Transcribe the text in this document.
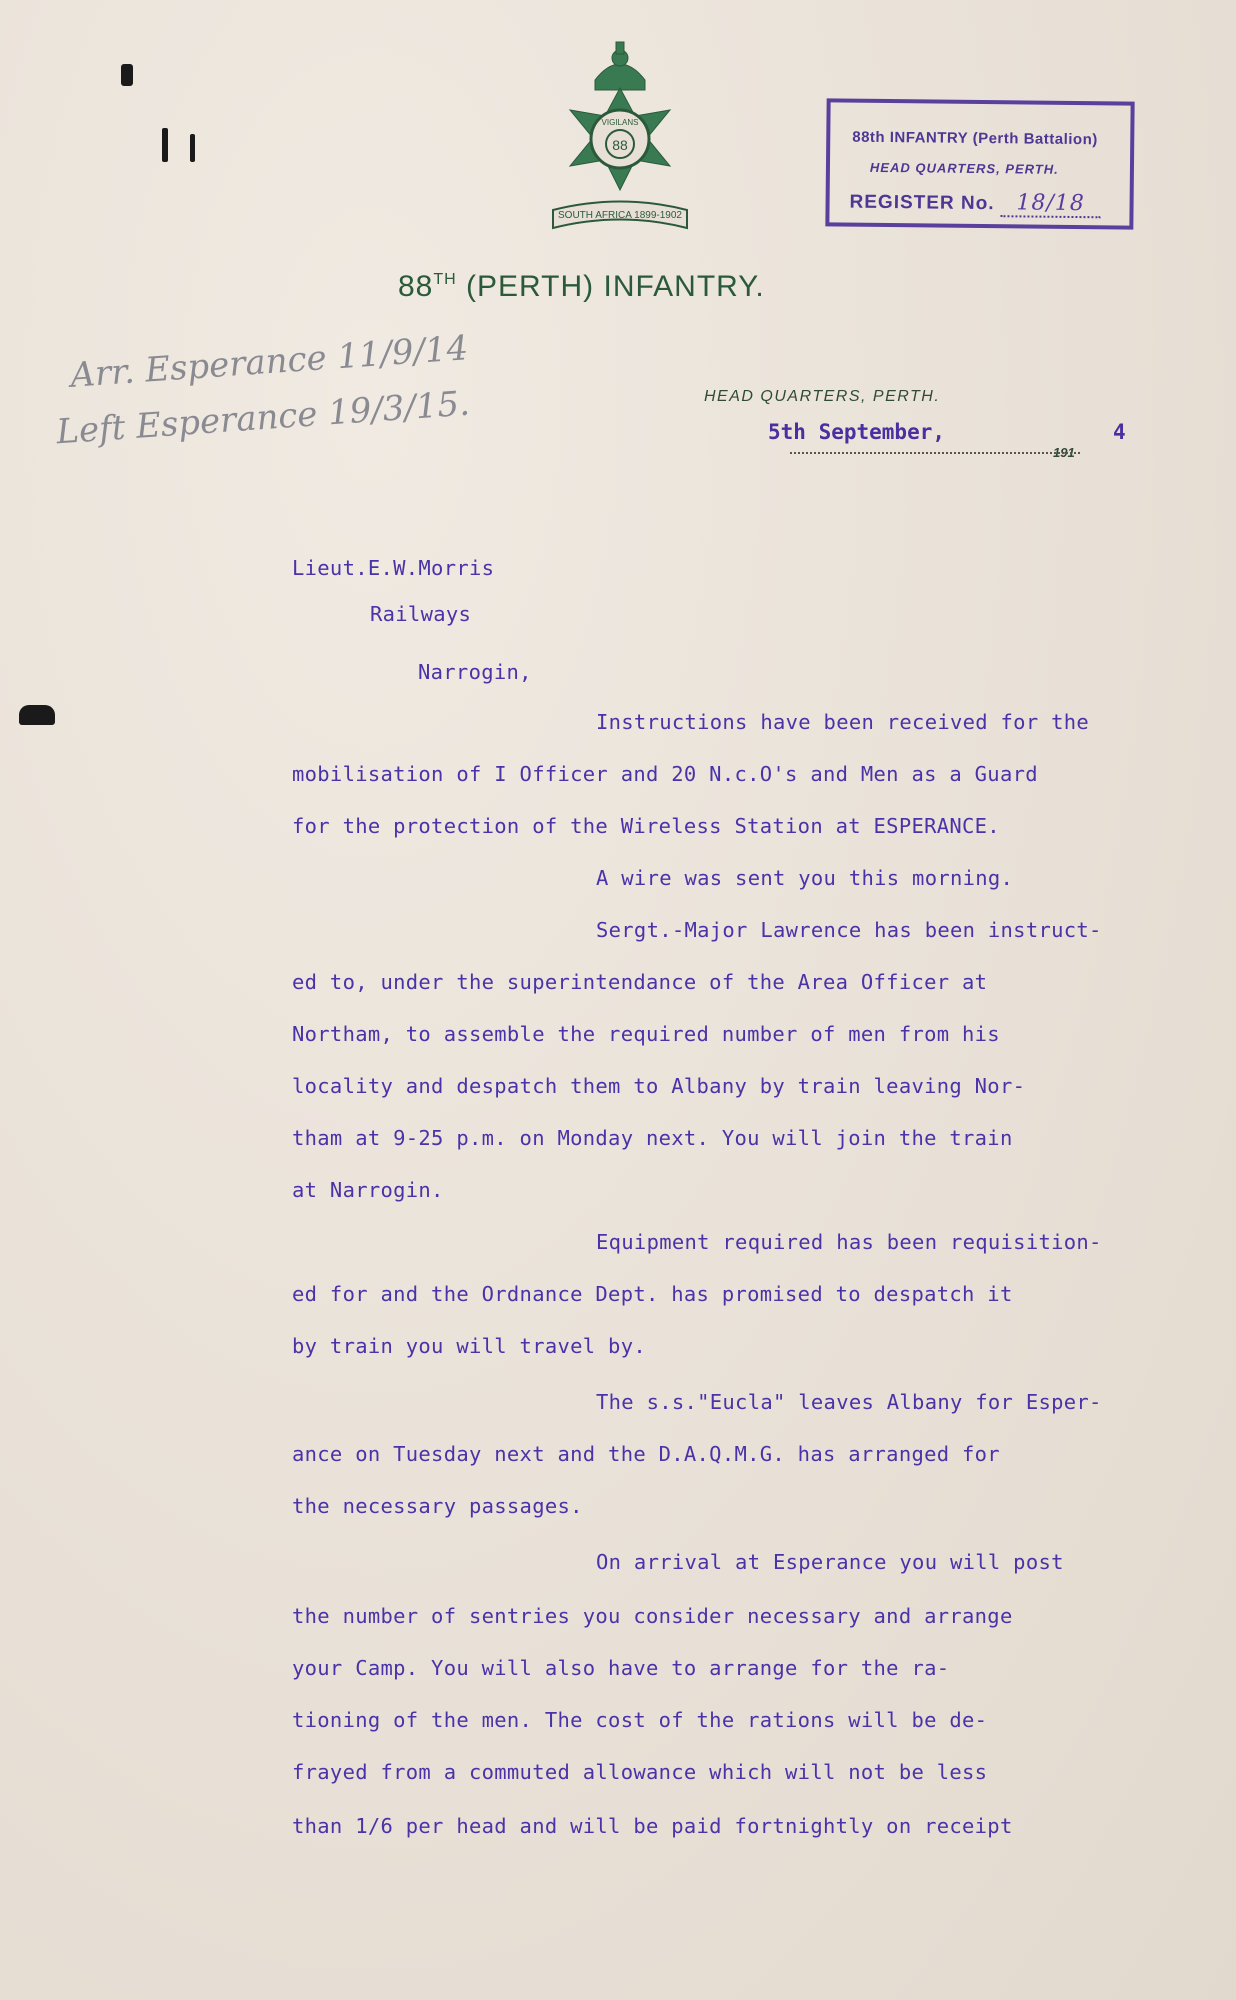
88
VIGILANS
SOUTH AFRICA 1899-1902
88th INFANTRY (Perth Battalion)
HEAD QUARTERS, PERTH.
REGISTER No. 18/18
88TH (PERTH) INFANTRY.
Arr. Esperance 11/9/14
Left Esperance 19/3/15.	HEAD QUARTERS, PERTH.
5th September,
191
4
Lieut.E.W.Morris
Railways
Narrogin,
Instructions have been received for the
mobilisation of I Officer and 20 N.c.O's and Men as a Guard
for the protection of the Wireless Station at ESPERANCE.
A wire was sent you this morning.
Sergt.-Major Lawrence has been instruct-
ed to, under the superintendance of the Area Officer at
Northam, to assemble the required number of men from his
locality and despatch them to Albany by train leaving Nor-
tham at 9-25 p.m. on Monday next. You will join the train
at Narrogin.
Equipment required has been requisition-
ed for and the Ordnance Dept. has promised to despatch it
by train you will travel by.
The s.s."Eucla" leaves Albany for Esper-
ance on Tuesday next and the D.A.Q.M.G. has arranged for
the necessary passages.
On arrival at Esperance you will post
the number of sentries you consider necessary and arrange
your Camp. You will also have to arrange for the ra-
tioning of the men. The cost of the rations will be de-
frayed from a commuted allowance which will not be less
than 1/6 per head and will be paid fortnightly on receipt
